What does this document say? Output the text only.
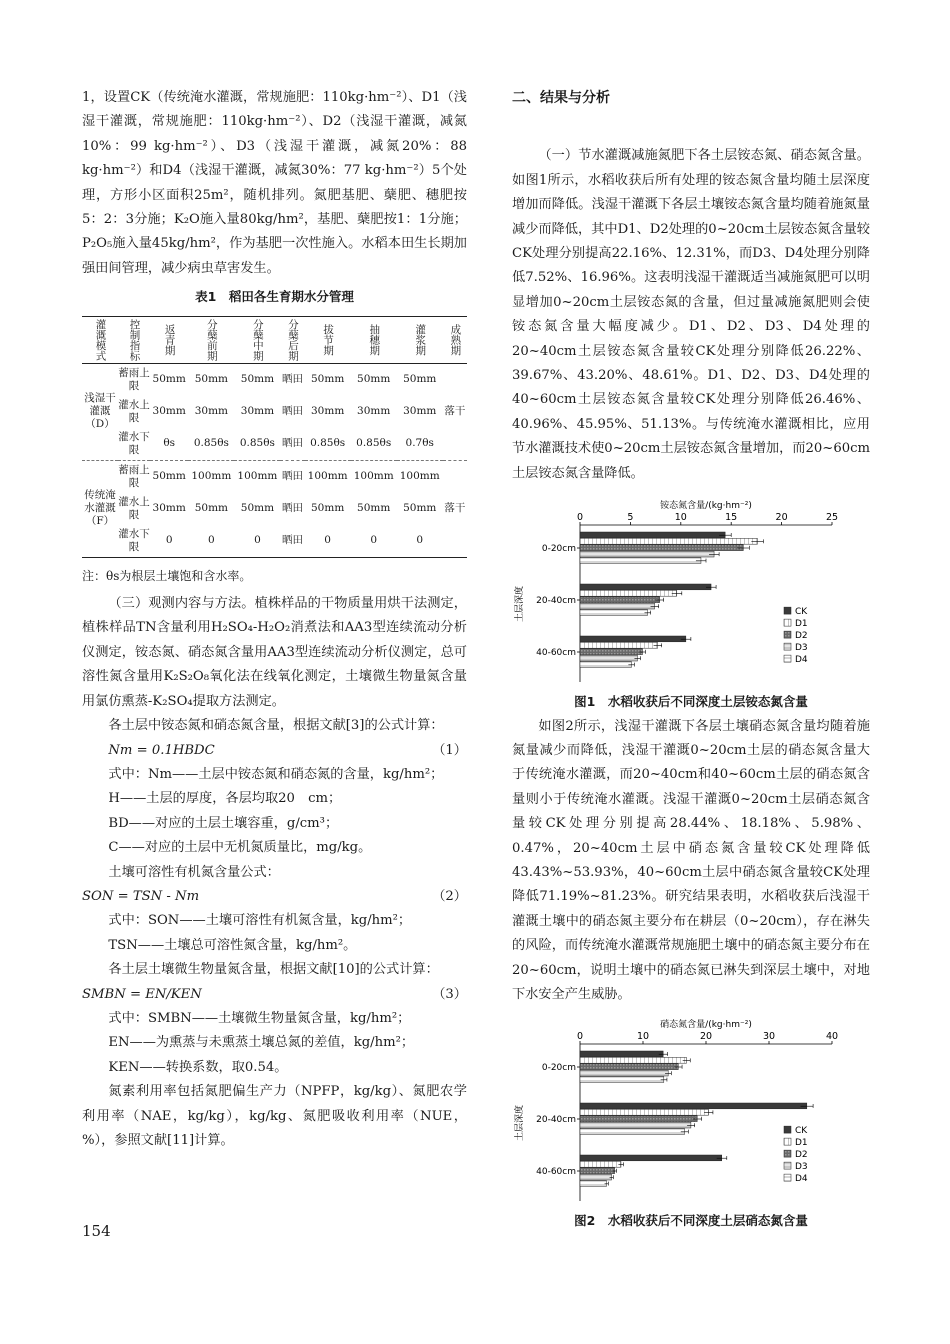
1，设置CK（传统淹水灌溉，常规施肥：110kg·hm⁻²）、D1（浅湿干灌溉，常规施肥：110kg·hm⁻²）、D2（浅湿干灌溉，减氮 10%：99 kg·hm⁻²）、D3（浅湿干灌溉，减氮20%：88 kg·hm⁻²）和D4（浅湿干灌溉，减氮30%：77 kg·hm⁻²）5个处理，方形小区面积25m²，随机排列。氮肥基肥、蘖肥、穗肥按5：2：3分施；K₂O施入量80kg/hm²，基肥、蘖肥按1：1分施；P₂O₅施入量45kg/hm²，作为基肥一次性施入。水稻本田生长期加强田间管理，减少病虫草害发生。

表1　稻田各生育期水分管理

灌溉模式	控制指标	返青期	分蘖前期	分蘖中期	分蘖后期	拔节期	抽穗期	灌浆期	成熟期

浅湿干灌溉（D）	蓄雨上限	50mm	50mm	50mm	晒田	50mm	50mm	50mm	落干
	灌水上限	30mm	30mm	30mm	晒田	30mm	30mm	30mm	
	灌水下限	θs	0.85θs	0.85θs	晒田	0.85θs	0.85θs	0.7θs	
传统淹水灌溉（F）	蓄雨上限	50mm	100mm	100mm	晒田	100mm	100mm	100mm	落干
	灌水上限	30mm	50mm	50mm	晒田	50mm	50mm	50mm	
	灌水下限	0	0	0	晒田	0	0	0	

注：θs为根层土壤饱和含水率。

（三）观测内容与方法。植株样品的干物质量用烘干法测定，植株样品TN含量利用H₂SO₄-H₂O₂消煮法和AA3型连续流动分析仪测定，铵态氮、硝态氮含量用AA3型连续流动分析仪测定，总可溶性氮含量用K₂S₂O₈氧化法在线氧化测定，土壤微生物量氮含量用氯仿熏蒸-K₂SO₄提取方法测定。

各土层中铵态氮和硝态氮含量，根据文献[3]的公式计算：

Nm = 0.1HBDC	（1）

式中：Nm——土层中铵态氮和硝态氮的含量，kg/hm²；

H——土层的厚度，各层均取20　cm；

BD——对应的土层土壤容重，g/cm³；

C——对应的土层中无机氮质量比，mg/kg。

土壤可溶性有机氮含量公式：

SON = TSN - Nm	（2）

式中：SON——土壤可溶性有机氮含量，kg/hm²；

TSN——土壤总可溶性氮含量，kg/hm²。

各土层土壤微生物量氮含量，根据文献[10]的公式计算：

SMBN = EN/KEN	（3）

式中：SMBN——土壤微生物量氮含量，kg/hm²；

EN——为熏蒸与未熏蒸土壤总氮的差值，kg/hm²；

KEN——转换系数，取0.54。

氮素利用率包括氮肥偏生产力（NPFP，kg/kg）、氮肥农学利用率（NAE，kg/kg），kg/kg、氮肥吸收利用率（NUE，%），参照文献[11]计算。

二、结果与分析

（一）节水灌溉减施氮肥下各土层铵态氮、硝态氮含量。如图1所示，水稻收获后所有处理的铵态氮含量均随土层深度增加而降低。浅湿干灌溉下各层土壤铵态氮含量均随着施氮量减少而降低，其中D1、D2处理的0~20cm土层铵态氮含量较CK处理分别提高22.16%、12.31%，而D3、D4处理分别降低7.52%、16.96%。这表明浅湿干灌溉适当减施氮肥可以明显增加0~20cm土层铵态氮的含量，但过量减施氮肥则会使铵态氮含量大幅度减少。D1、D2、D3、D4处理的20~40cm土层铵态氮含量较CK处理分别降低26.22%、39.67%、43.20%、48.61%。D1、D2、D3、D4处理的40~60cm土层铵态氮含量较CK处理分别降低26.46%、40.96%、45.95%、51.13%。与传统淹水灌溉相比，应用节水灌溉技术使0~20cm土层铵态氮含量增加，而20~60cm土层铵态氮含量降低。

铵态氮含量/(kg·hm⁻²)
0	5	10	15	20	25
土层深度
0-20cm
20-40cm
40-60cm
CK
D1
D2
D3
D4

图1　水稻收获后不同深度土层铵态氮含量

如图2所示，浅湿干灌溉下各层土壤硝态氮含量均随着施氮量减少而降低，浅湿干灌溉0~20cm土层的硝态氮含量大于传统淹水灌溉，而20~40cm和40~60cm土层的硝态氮含量则小于传统淹水灌溉。浅湿干灌溉0~20cm土层硝态氮含量较CK处理分别提高28.44%、18.18%、5.98%、0.47%，20~40cm土层中硝态氮含量较CK处理降低43.43%~53.93%，40~60cm土层中硝态氮含量较CK处理降低71.19%~81.23%。研究结果表明，水稻收获后浅湿干灌溉土壤中的硝态氮主要分布在耕层（0~20cm），存在淋失的风险，而传统淹水灌溉常规施肥土壤中的硝态氮主要分布在20~60cm，说明土壤中的硝态氮已淋失到深层土壤中，对地下水安全产生威胁。

硝态氮含量/(kg·hm⁻²)
0	10	20	30	40
土层深度
0-20cm
20-40cm
40-60cm
CK
D1
D2
D3
D4

图2　水稻收获后不同深度土层硝态氮含量

154
